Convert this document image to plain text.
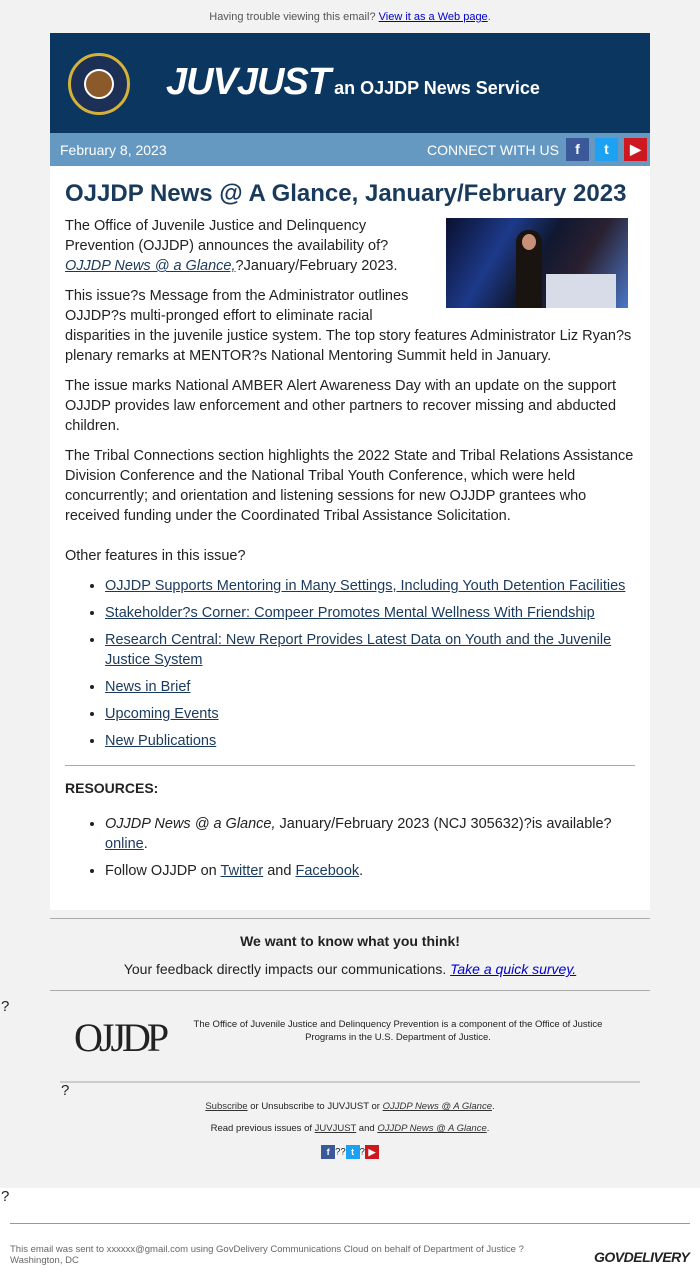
Having trouble viewing this email? View it as a Web page.
JUVJUST an OJJDP News Service
February 8, 2023	CONNECT WITH US	f	t	▶
OJJDP News @ A Glance, January/February 2023

The Office of Juvenile Justice and Delinquency Prevention (OJJDP) announces the availability of?OJJDP News @ a Glance,?January/February 2023.

This issue?s Message from the Administrator outlines OJJDP?s multi-pronged effort to eliminate racial disparities in the juvenile justice system. The top story features Administrator Liz Ryan?s plenary remarks at MENTOR?s National Mentoring Summit held in January.

The issue marks National AMBER Alert Awareness Day with an update on the support OJJDP provides law enforcement and other partners to recover missing and abducted children.

The Tribal Connections section highlights the 2022 State and Tribal Relations Assistance Division Conference and the National Tribal Youth Conference, which were held concurrently; and orientation and listening sessions for new OJJDP grantees who received funding under the Coordinated Tribal Assistance Solicitation.

Other features in this issue?

• OJJDP Supports Mentoring in Many Settings, Including Youth Detention Facilities
• Stakeholder?s Corner: Compeer Promotes Mental Wellness With Friendship
• Research Central: New Report Provides Latest Data on Youth and the Juvenile Justice System
• News in Brief
• Upcoming Events
• New Publications
RESOURCES:
• OJJDP News @ a Glance, January/February 2023 (NCJ 305632)?is available? online.
• Follow OJJDP on Twitter and Facebook.
We want to know what you think!
Your feedback directly impacts our communications. Take a quick survey.
?
OJJDP	The Office of Juvenile Justice and Delinquency Prevention is a component of the Office of Justice Programs in the U.S. Department of Justice.
?
Subscribe or Unsubscribe to JUVJUST or OJJDP News @ A Glance.
Read previous issues of JUVJUST and OJJDP News @ A Glance.
f ?? t ? ▶
?
This email was sent to xxxxxx@gmail.com using GovDelivery Communications Cloud on behalf of Department of Justice ? Washington, DC	GOVDELIVERY
